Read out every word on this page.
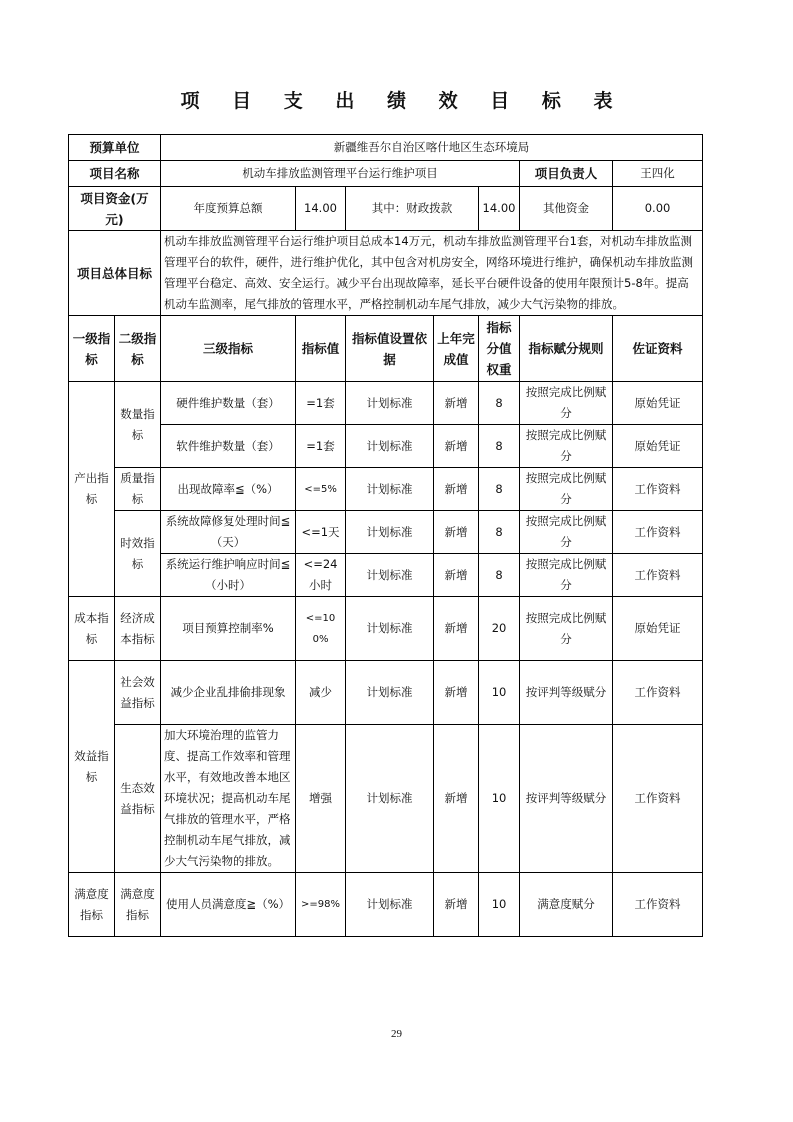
项 目 支 出 绩 效 目 标 表
预算单位		新疆维吾尔自治区喀什地区生态环境局						
项目名称		机动车排放监测管理平台运行维护项目					项目负责人	王四化
项目资金(万元)		年度预算总额	14.00	其中：财政拨款		14.00	其他资金	0.00
项目总体目标		机动车排放监测管理平台运行维护项目总成本14万元，机动车排放监测管理平台1套，对机动车排放监测管理平台的软件，硬件，进行维护优化，其中包含对机房安全，网络环境进行维护，确保机动车排放监测管理平台稳定、高效、安全运行。减少平台出现故障率，延长平台硬件设备的使用年限预计5-8年。提高机动车监测率，尾气排放的管理水平，严格控制机动车尾气排放，减少大气污染物的排放。						
一级指标	二级指标	三级指标	指标值	指标值设置依据	上年完成值	指标分值权重	指标赋分规则	佐证资料
产出指标	数量指标	硬件维护数量（套）	=1套	计划标准	新增	8	按照完成比例赋分	原始凭证
		软件维护数量（套）	=1套	计划标准	新增	8	按照完成比例赋分	原始凭证
	质量指标	出现故障率≦（%）	<=5%	计划标准	新增	8	按照完成比例赋分	工作资料
	时效指标	系统故障修复处理时间≦（天）	<=1天	计划标准	新增	8	按照完成比例赋分	工作资料
		系统运行维护响应时间≦（小时）	<=24小时	计划标准	新增	8	按照完成比例赋分	工作资料
成本指标	经济成本指标	项目预算控制率%	<=100%	计划标准	新增	20	按照完成比例赋分	原始凭证
效益指标	社会效益指标	减少企业乱排偷排现象	减少	计划标准	新增	10	按评判等级赋分	工作资料
	生态效益指标	加大环境治理的监管力度、提高工作效率和管理水平，有效地改善本地区环境状况；提高机动车尾气排放的管理水平，严格控制机动车尾气排放，减少大气污染物的排放。	增强	计划标准	新增	10	按评判等级赋分	工作资料
满意度指标	满意度指标	使用人员满意度≧（%）	>=98%	计划标准	新增	10	满意度赋分	工作资料
29
